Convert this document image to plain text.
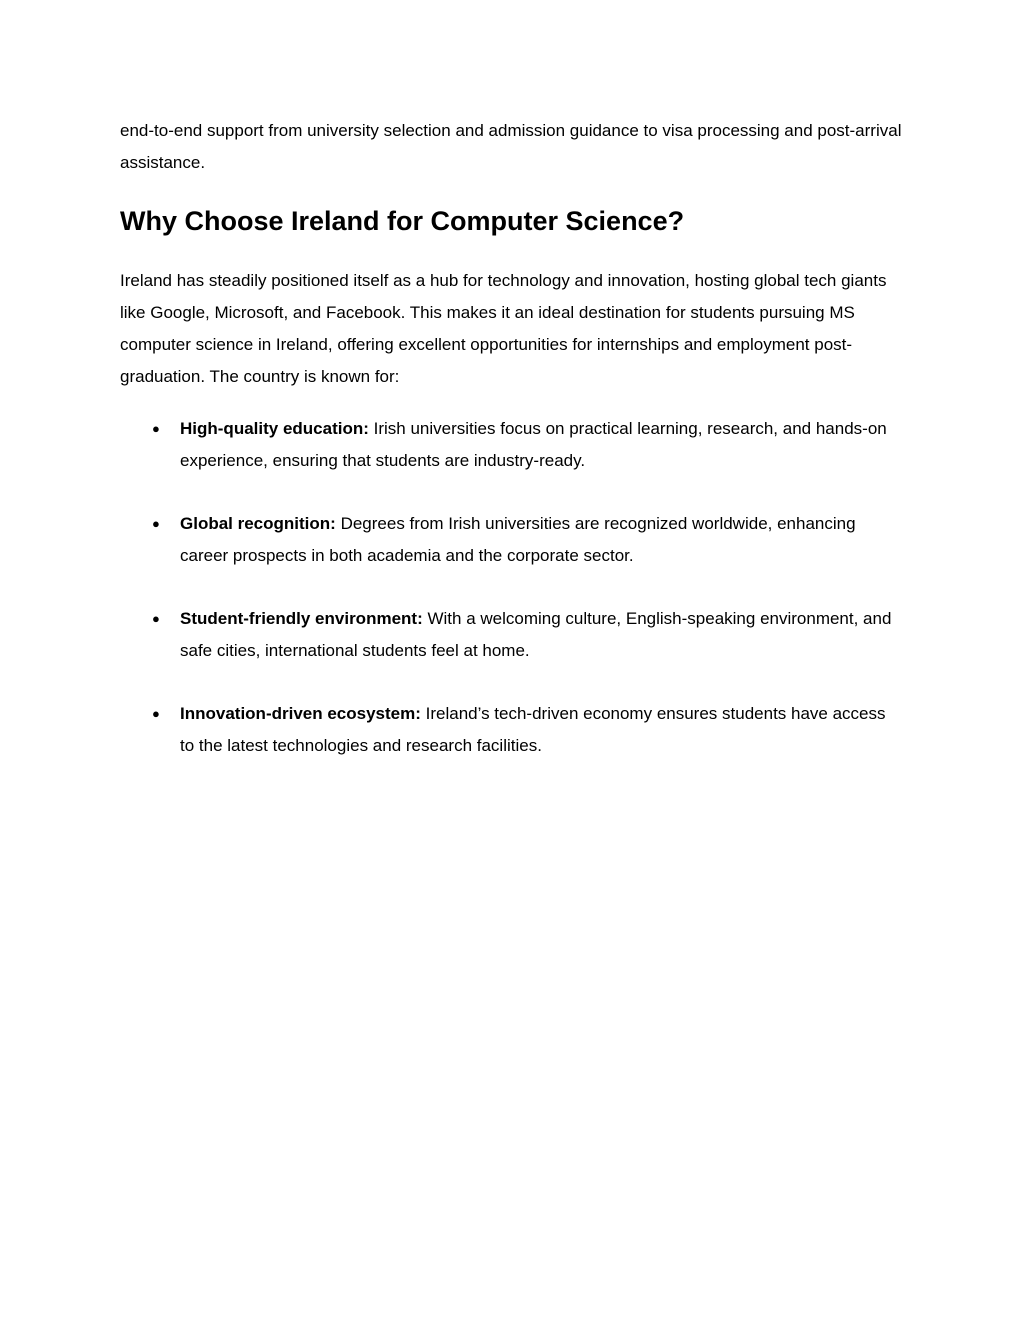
end-to-end support from university selection and admission guidance to visa processing and post-arrival assistance.

Why Choose Ireland for Computer Science?

Ireland has steadily positioned itself as a hub for technology and innovation, hosting global tech giants like Google, Microsoft, and Facebook. This makes it an ideal destination for students pursuing MS computer science in Ireland, offering excellent opportunities for internships and employment post-graduation. The country is known for:

● High-quality education: Irish universities focus on practical learning, research, and hands-on experience, ensuring that students are industry-ready.
● Global recognition: Degrees from Irish universities are recognized worldwide, enhancing career prospects in both academia and the corporate sector.
● Student-friendly environment: With a welcoming culture, English-speaking environment, and safe cities, international students feel at home.
● Innovation-driven ecosystem: Ireland’s tech-driven economy ensures students have access to the latest technologies and research facilities.
